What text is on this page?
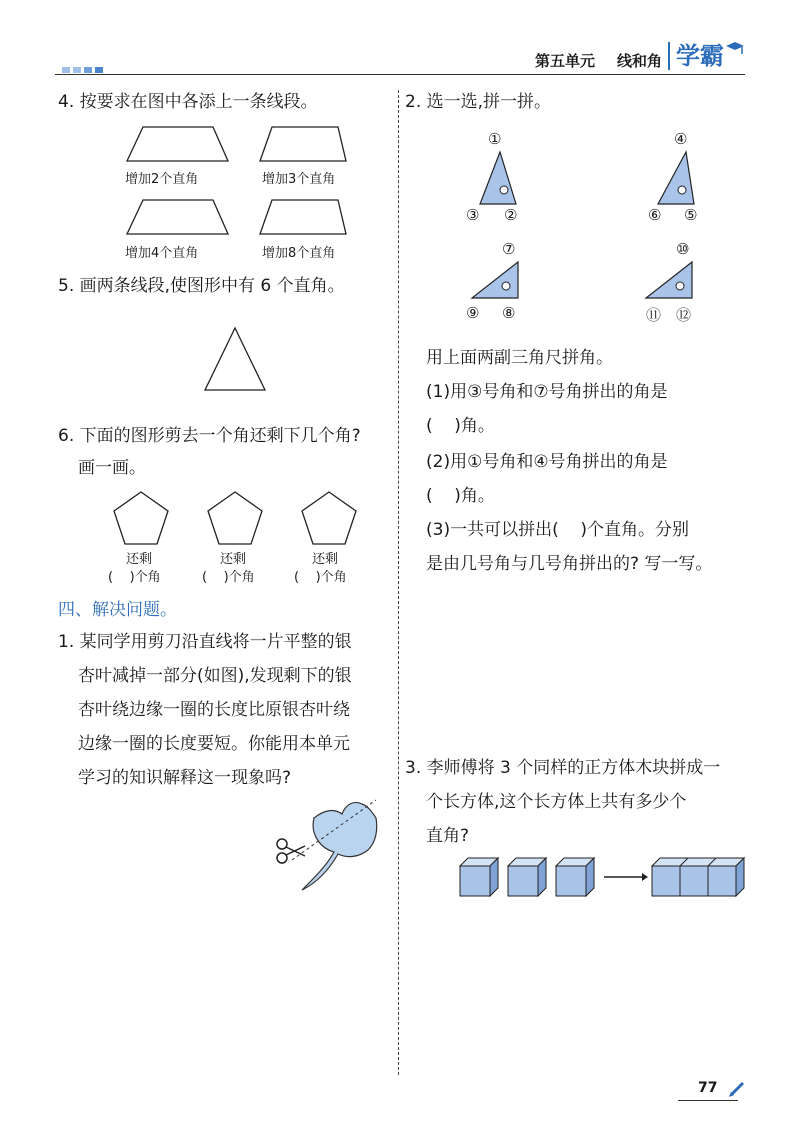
第五单元 线和角 学霸
4. 按要求在图中各添上一条线段。
增加2个直角	增加3个直角
增加4个直角	增加8个直角
5. 画两条线段,使图形中有 6 个直角。
6. 下面的图形剪去一个角还剩下几个角?
画一画。
还剩	还剩	还剩
(    )个角	(    )个角	(    )个角
四、解决问题。
1. 某同学用剪刀沿直线将一片平整的银
杏叶减掉一部分(如图),发现剩下的银
杏叶绕边缘一圈的长度比原银杏叶绕
边缘一圈的长度要短。你能用本单元
学习的知识解释这一现象吗?
2. 选一选,拼一拼。
①
③ ②
④
⑥ ⑤
⑦
⑨ ⑧
⑩
⑪ ⑫
用上面两副三角尺拼角。
(1)用③号角和⑦号角拼出的角是
(    )角。
(2)用①号角和④号角拼出的角是
(    )角。
(3)一共可以拼出(    )个直角。分别
是由几号角与几号角拼出的? 写一写。
3. 李师傅将 3 个同样的正方体木块拼成一
个长方体,这个长方体上共有多少个
直角?
77
